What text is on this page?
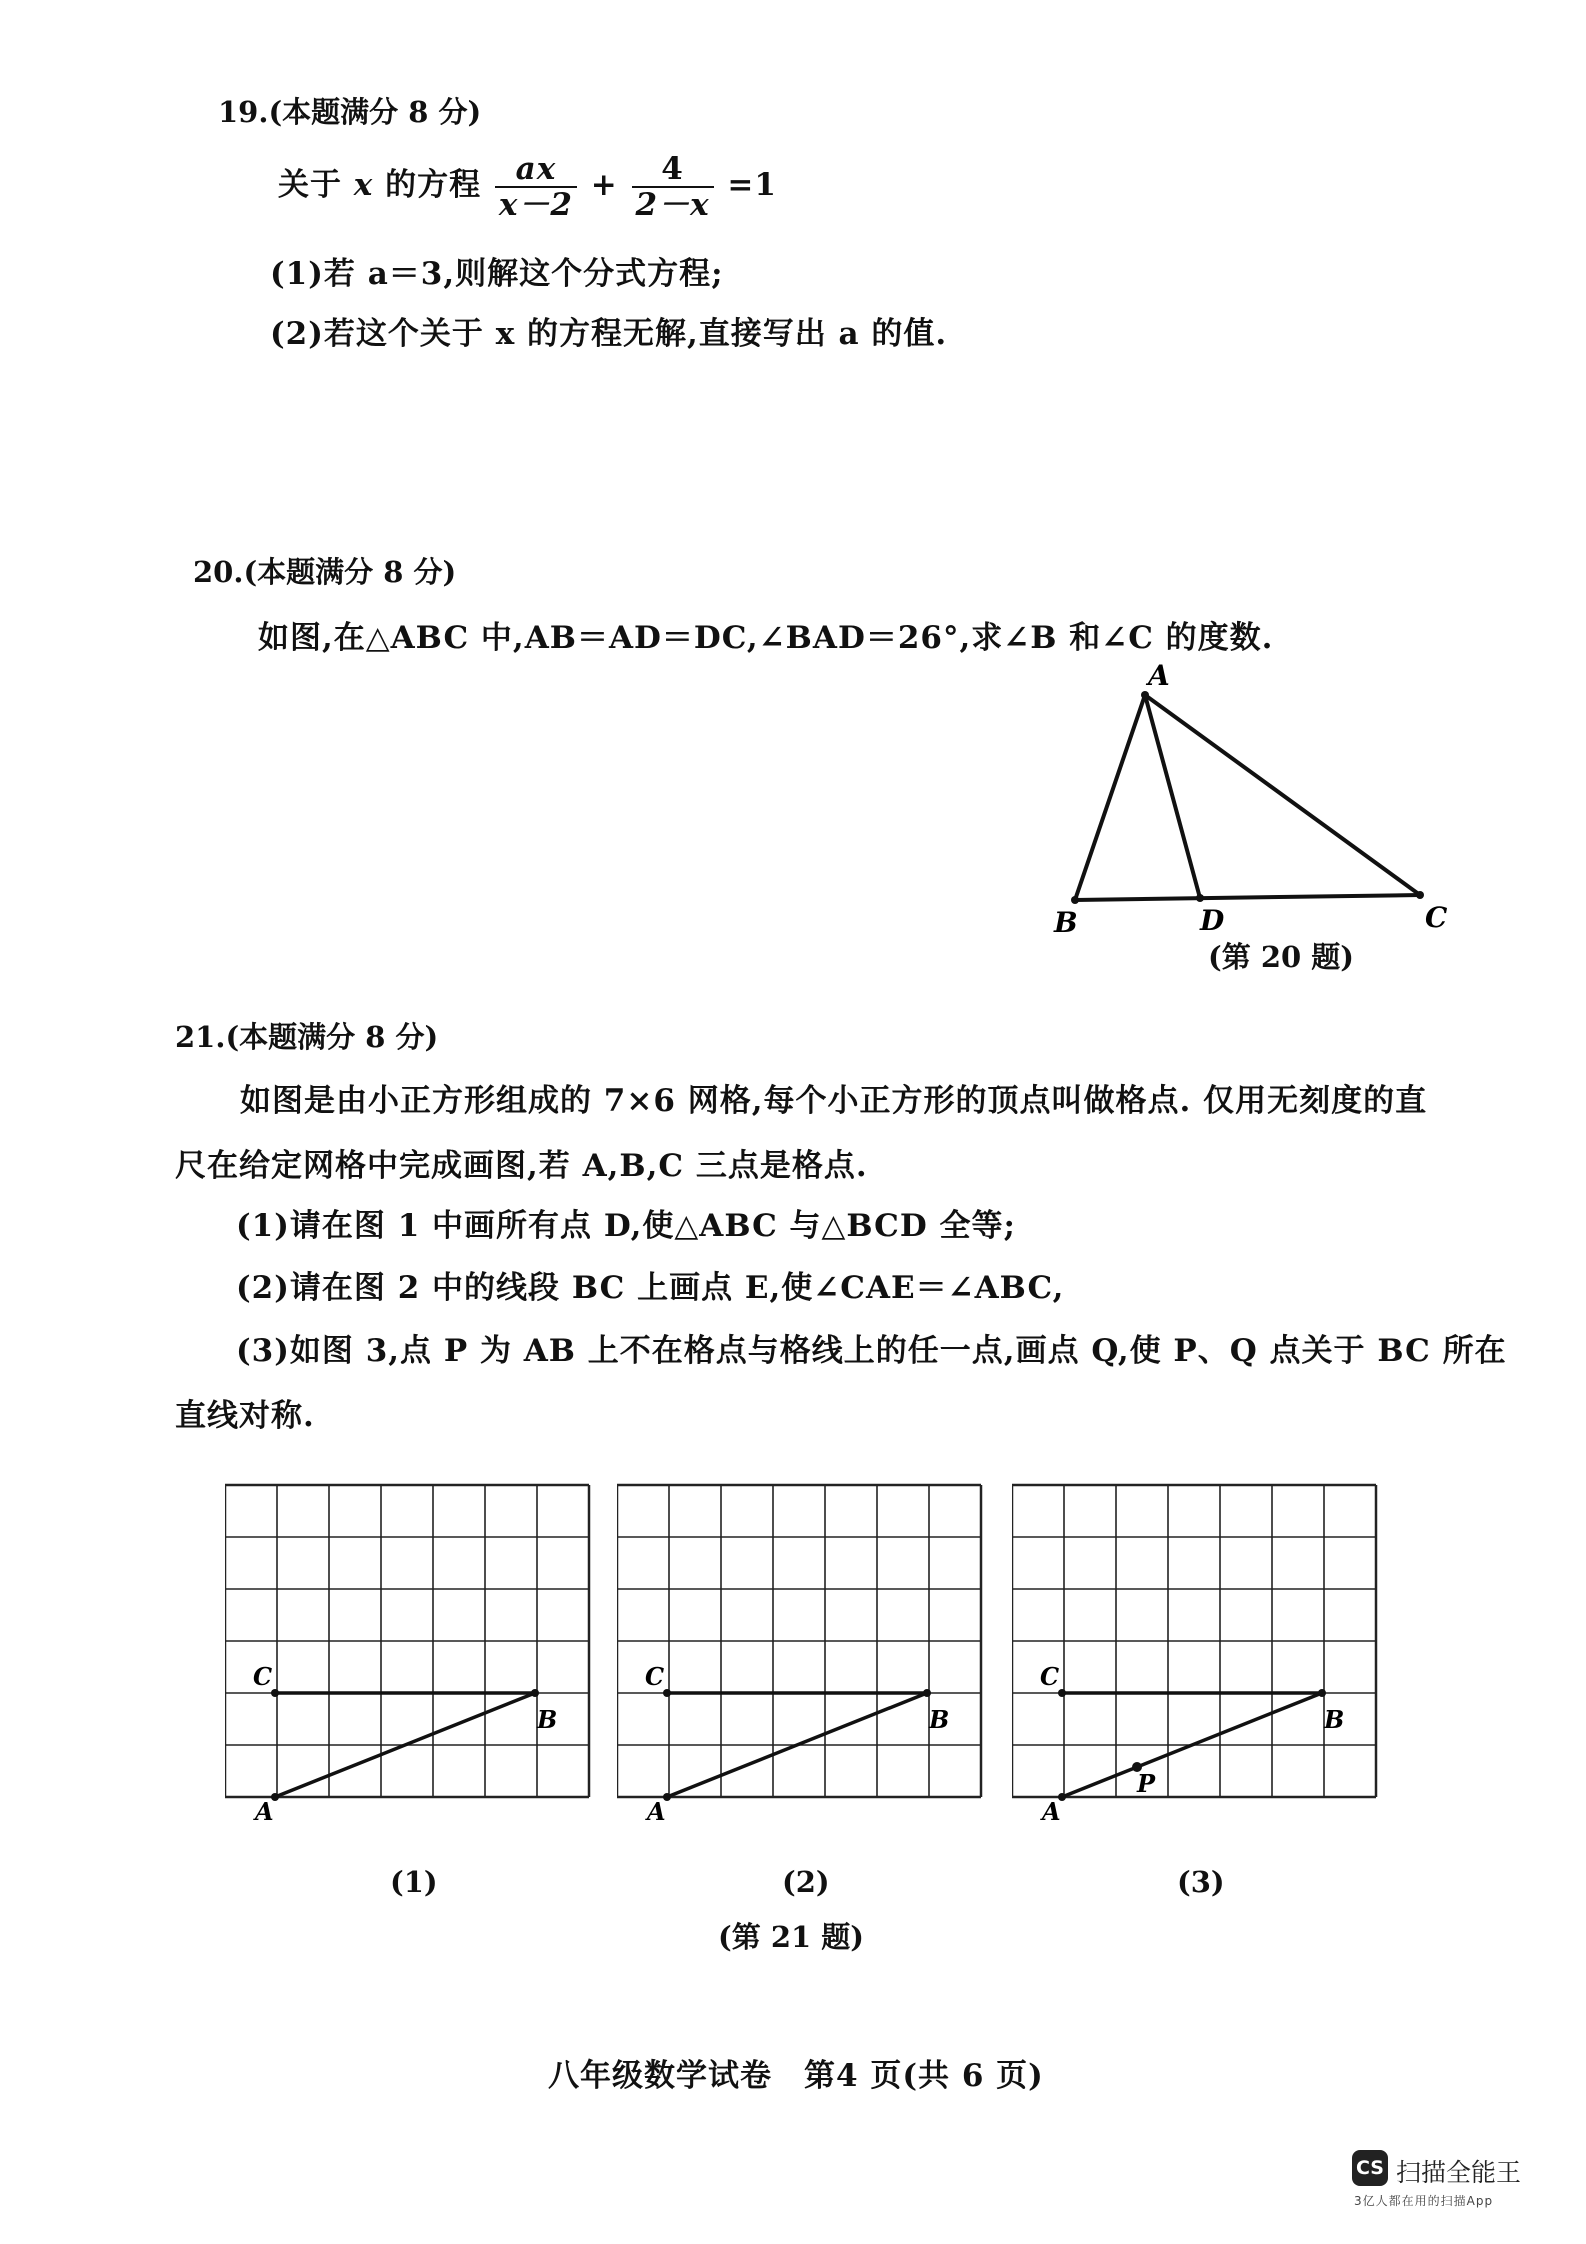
19.(本题满分 8 分)
关于 x 的方程 $\frac{ax}{x-2} + \frac{4}{2-x} =1$
(1)若 a＝3,则解这个分式方程;
(2)若这个关于 x 的方程无解,直接写出 a 的值.
20.(本题满分 8 分)
如图,在△ABC 中,AB＝AD＝DC,∠BAD＝26°,求∠B 和∠C 的度数.
A
B	D	C
(第 20 题)
21.(本题满分 8 分)
如图是由小正方形组成的 7×6 网格,每个小正方形的顶点叫做格点. 仅用无刻度的直
尺在给定网格中完成画图,若 A,B,C 三点是格点.
(1)请在图 1 中画所有点 D,使△ABC 与△BCD 全等;
(2)请在图 2 中的线段 BC 上画点 E,使∠CAE＝∠ABC,
(3)如图 3,点 P 为 AB 上不在格点与格线上的任一点,画点 Q,使 P、Q 点关于 BC 所在
直线对称.
C
B
A
(1)
C
B
A
(2)
C
B
A
P
(3)
(第 21 题)
八年级数学试卷　第4 页(共 6 页)
CS 扫描全能王
3亿人都在用的扫描App
